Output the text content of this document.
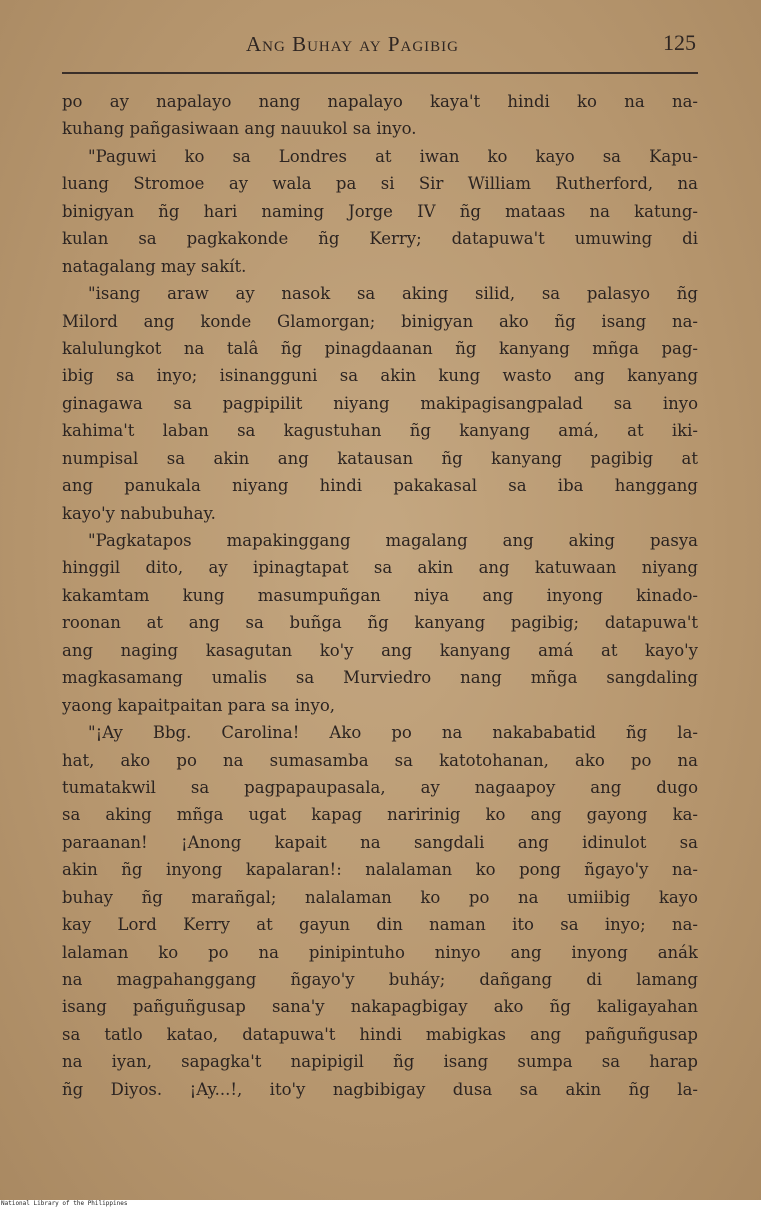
Ang Buhay ay Pagibig	125
po ay napalayo nang napalayo kaya't hindi ko na na-
kuhang pañgasiwaan ang nauukol sa inyo.
"Paguwi ko sa Londres at iwan ko kayo sa Kapu-
luang Stromoe ay wala pa si Sir William Rutherford, na
binigyan ñg hari naming Jorge IV ñg mataas na katung-
kulan sa pagkakonde ñg Kerry; datapuwa't umuwing di
natagalang may sakít.
"isang araw ay nasok sa aking silid, sa palasyo ñg
Milord ang konde Glamorgan; binigyan ako ñg isang na-
kalulungkot na talâ ñg pinagdaanan ñg kanyang mñga pag-
ibig sa inyo; isinangguni sa akin kung wasto ang kanyang
ginagawa sa pagpipilit niyang makipagisangpalad sa inyo
kahima't laban sa kagustuhan ñg kanyang amá, at iki-
numpisal sa akin ang katausan ñg kanyang pagibig at
ang panukala niyang hindi pakakasal sa iba hanggang
kayo'y nabubuhay.
"Pagkatapos mapakinggang magalang ang aking pasya
hinggil dito, ay ipinagtapat sa akin ang katuwaan niyang
kakamtam kung masumpuñgan niya ang inyong kinado-
roonan at ang sa buñga ñg kanyang pagibig; datapuwa't
ang naging kasagutan ko'y ang kanyang amá at kayo'y
magkasamang umalis sa Murviedro nang mñga sangdaling
yaong kapaitpaitan para sa inyo,
"¡Ay Bbg. Carolina! Ako po na nakababatid ñg la-
hat, ako po na sumasamba sa katotohanan, ako po na
tumatakwil sa pagpapaupasala, ay nagaapoy ang dugo
sa aking mñga ugat kapag naririnig ko ang gayong ka-
paraanan! ¡Anong kapait na sangdali ang idinulot sa
akin ñg inyong kapalaran!: nalalaman ko pong ñgayo'y na-
buhay ñg marañgal; nalalaman ko po na umiibig kayo
kay Lord Kerry at gayun din naman ito sa inyo; na-
lalaman ko po na pinipintuho ninyo ang inyong anák
na magpahanggang ñgayo'y buháy; dañgang di lamang
isang pañguñgusap sana'y nakapagbigay ako ñg kaligayahan
sa tatlo katao, datapuwa't hindi mabigkas ang pañguñgusap
na iyan, sapagka't napipigil ñg isang sumpa sa harap
ñg Diyos. ¡Ay...!, ito'y nagbibigay dusa sa akin ñg la-
National Library of the Philippines
